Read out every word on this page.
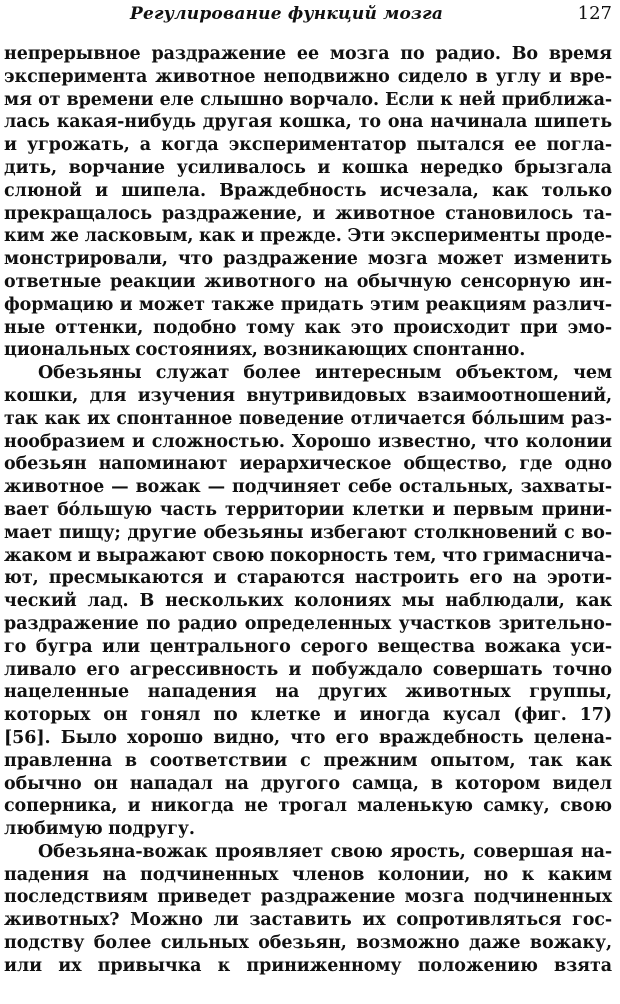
Регулирование функций мозга	127
непрерывное раздражение ее мозга по радио. Во время
эксперимента животное неподвижно сидело в углу и вре-
мя от времени еле слышно ворчало. Если к ней приближа-
лась какая-нибудь другая кошка, то она начинала шипеть
и угрожать, а когда экспериментатор пытался ее погла-
дить, ворчание усиливалось и кошка нередко брызгала
слюной и шипела. Враждебность исчезала, как только
прекращалось раздражение, и животное становилось та-
ким же ласковым, как и прежде. Эти эксперименты проде-
монстрировали, что раздражение мозга может изменить
ответные реакции животного на обычную сенсорную ин-
формацию и может также придать этим реакциям различ-
ные оттенки, подобно тому как это происходит при эмо-
циональных состояниях, возникающих спонтанно.
Обезьяны служат более интересным объектом, чем
кошки, для изучения внутривидовых взаимоотношений,
так как их спонтанное поведение отличается бо́льшим раз-
нообразием и сложностью. Хорошо известно, что колонии
обезьян напоминают иерархическое общество, где одно
животное — вожак — подчиняет себе остальных, захваты-
вает бо́льшую часть территории клетки и первым прини-
мает пищу; другие обезьяны избегают столкновений с во-
жаком и выражают свою покорность тем, что гримасничa-
ют, пресмыкаются и стараются настроить его на эроти-
ческий лад. В нескольких колониях мы наблюдали, как
раздражение по радио определенных участков зрительно-
го бугра или центрального серого вещества вожака уси-
ливало его агрессивность и побуждало совершать точно
нацеленные нападения на других животных группы,
которых он гонял по клетке и иногда кусал (фиг. 17)
[56]. Было хорошо видно, что его враждебность целена-
правленна в соответствии с прежним опытом, так как
обычно он нападал на другого самца, в котором видел
соперника, и никогда не трогал маленькую самку, свою
любимую подругу.
Обезьяна-вожак проявляет свою ярость, совершая на-
падения на подчиненных членов колонии, но к каким
последствиям приведет раздражение мозга подчиненных
животных? Можно ли заставить их сопротивляться гос-
подству более сильных обезьян, возможно даже вожаку,
или их привычка к приниженному положению взята
